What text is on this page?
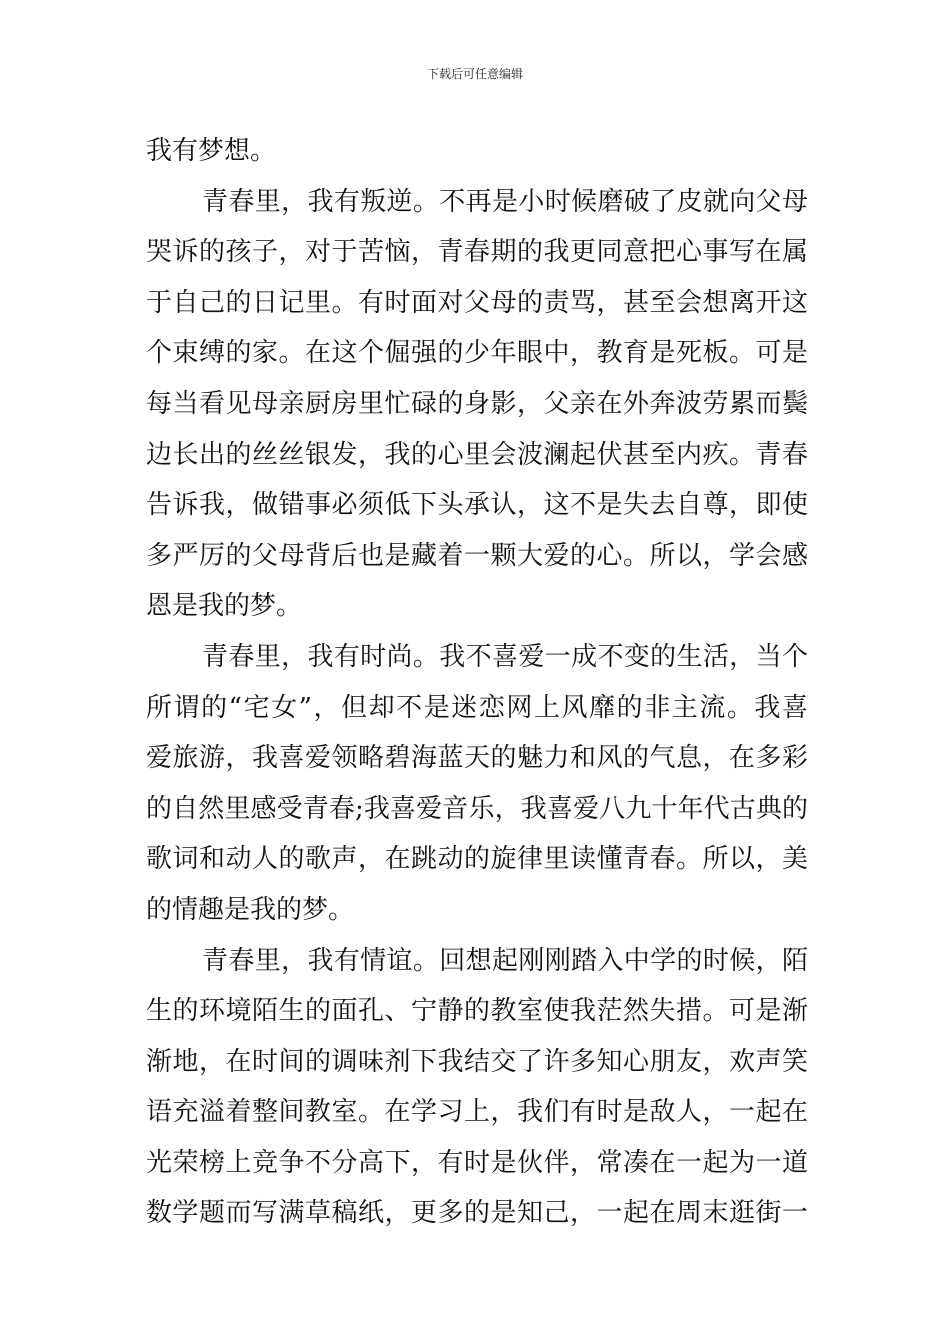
下载后可任意编辑
我有梦想。
青春里，我有叛逆。不再是小时候磨破了皮就向父母
哭诉的孩子，对于苦恼，青春期的我更同意把心事写在属
于自己的日记里。有时面对父母的责骂，甚至会想离开这
个束缚的家。在这个倔强的少年眼中，教育是死板。可是
每当看见母亲厨房里忙碌的身影，父亲在外奔波劳累而鬓
边长出的丝丝银发，我的心里会波澜起伏甚至内疚。青春
告诉我，做错事必须低下头承认，这不是失去自尊，即使
多严厉的父母背后也是藏着一颗大爱的心。所以，学会感
恩是我的梦。
青春里，我有时尚。我不喜爱一成不变的生活，当个
所谓的“宅女”，但却不是迷恋网上风靡的非主流。我喜
爱旅游，我喜爱领略碧海蓝天的魅力和风的气息，在多彩
的自然里感受青春;我喜爱音乐，我喜爱八九十年代古典的
歌词和动人的歌声，在跳动的旋律里读懂青春。所以，美
的情趣是我的梦。
青春里，我有情谊。回想起刚刚踏入中学的时候，陌
生的环境陌生的面孔、宁静的教室使我茫然失措。可是渐
渐地，在时间的调味剂下我结交了许多知心朋友，欢声笑
语充溢着整间教室。在学习上，我们有时是敌人，一起在
光荣榜上竞争不分高下，有时是伙伴，常凑在一起为一道
数学题而写满草稿纸，更多的是知己，一起在周末逛街一
